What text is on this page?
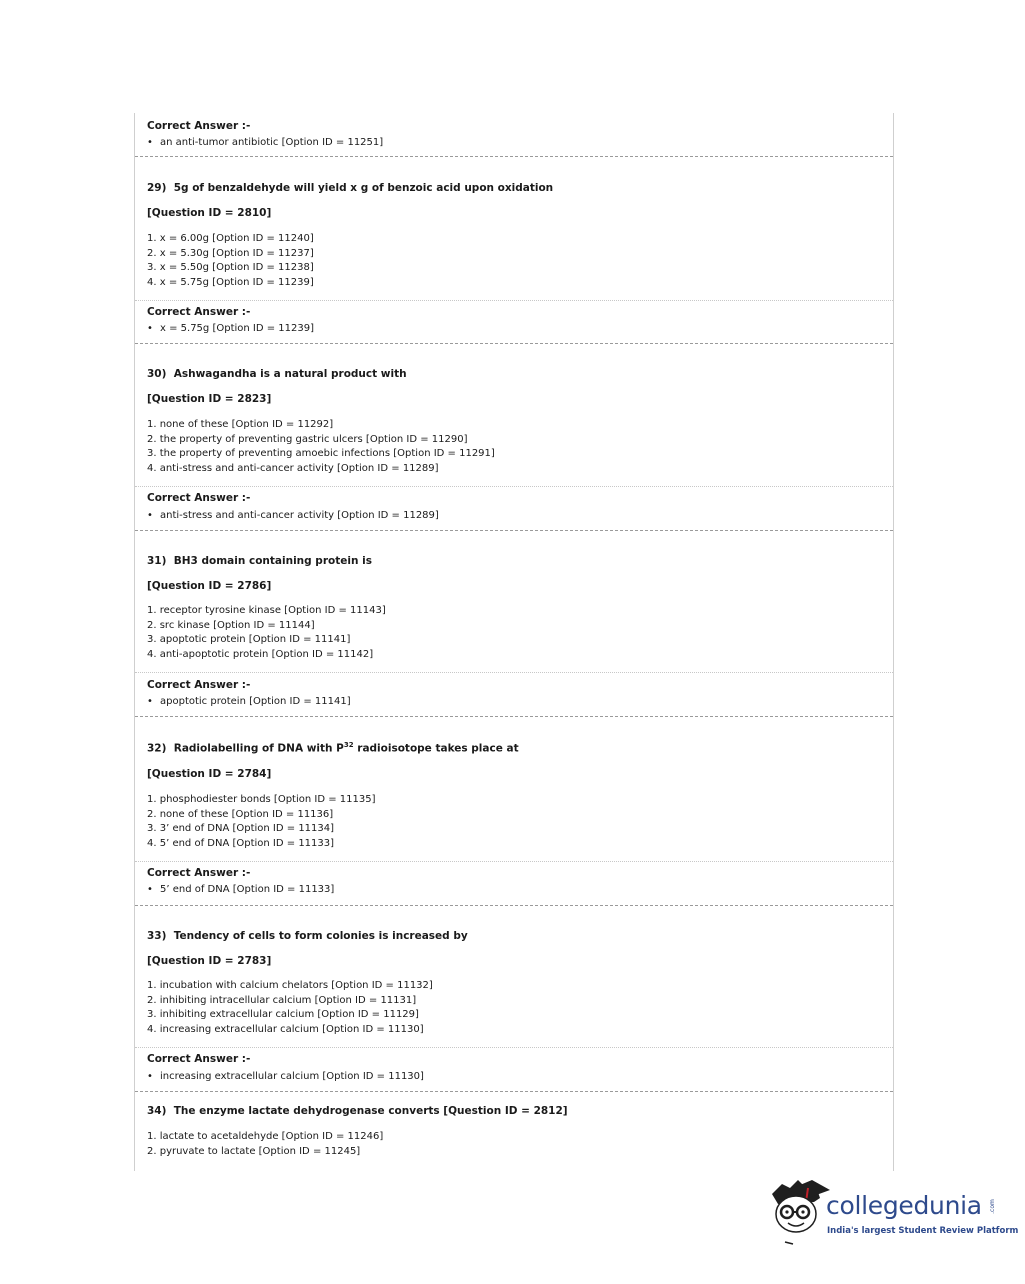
Correct Answer :-
• an anti-tumor antibiotic [Option ID = 11251]
29) 5g of benzaldehyde will yield x g of benzoic acid upon oxidation
[Question ID = 2810]
1. x = 6.00g [Option ID = 11240]
2. x = 5.30g [Option ID = 11237]
3. x = 5.50g [Option ID = 11238]
4. x = 5.75g [Option ID = 11239]
Correct Answer :-
• x = 5.75g [Option ID = 11239]
30) Ashwagandha is a natural product with
[Question ID = 2823]
1. none of these [Option ID = 11292]
2. the property of preventing gastric ulcers [Option ID = 11290]
3. the property of preventing amoebic infections [Option ID = 11291]
4. anti-stress and anti-cancer activity [Option ID = 11289]
Correct Answer :-
• anti-stress and anti-cancer activity [Option ID = 11289]
31) BH3 domain containing protein is
[Question ID = 2786]
1. receptor tyrosine kinase [Option ID = 11143]
2. src kinase [Option ID = 11144]
3. apoptotic protein [Option ID = 11141]
4. anti-apoptotic protein [Option ID = 11142]
Correct Answer :-
• apoptotic protein [Option ID = 11141]
32) Radiolabelling of DNA with $P^{32}$ radioisotope takes place at
[Question ID = 2784]
1. phosphodiester bonds [Option ID = 11135]
2. none of these [Option ID = 11136]
3. 3’ end of DNA [Option ID = 11134]
4. 5’ end of DNA [Option ID = 11133]
Correct Answer :-
• 5’ end of DNA [Option ID = 11133]
33) Tendency of cells to form colonies is increased by
[Question ID = 2783]
1. incubation with calcium chelators [Option ID = 11132]
2. inhibiting intracellular calcium [Option ID = 11131]
3. inhibiting extracellular calcium [Option ID = 11129]
4. increasing extracellular calcium [Option ID = 11130]
Correct Answer :-
• increasing extracellular calcium [Option ID = 11130]
34) The enzyme lactate dehydrogenase converts [Question ID = 2812]
1. lactate to acetaldehyde [Option ID = 11246]
2. pyruvate to lactate [Option ID = 11245]
collegedunia .com
India's largest Student Review Platform
